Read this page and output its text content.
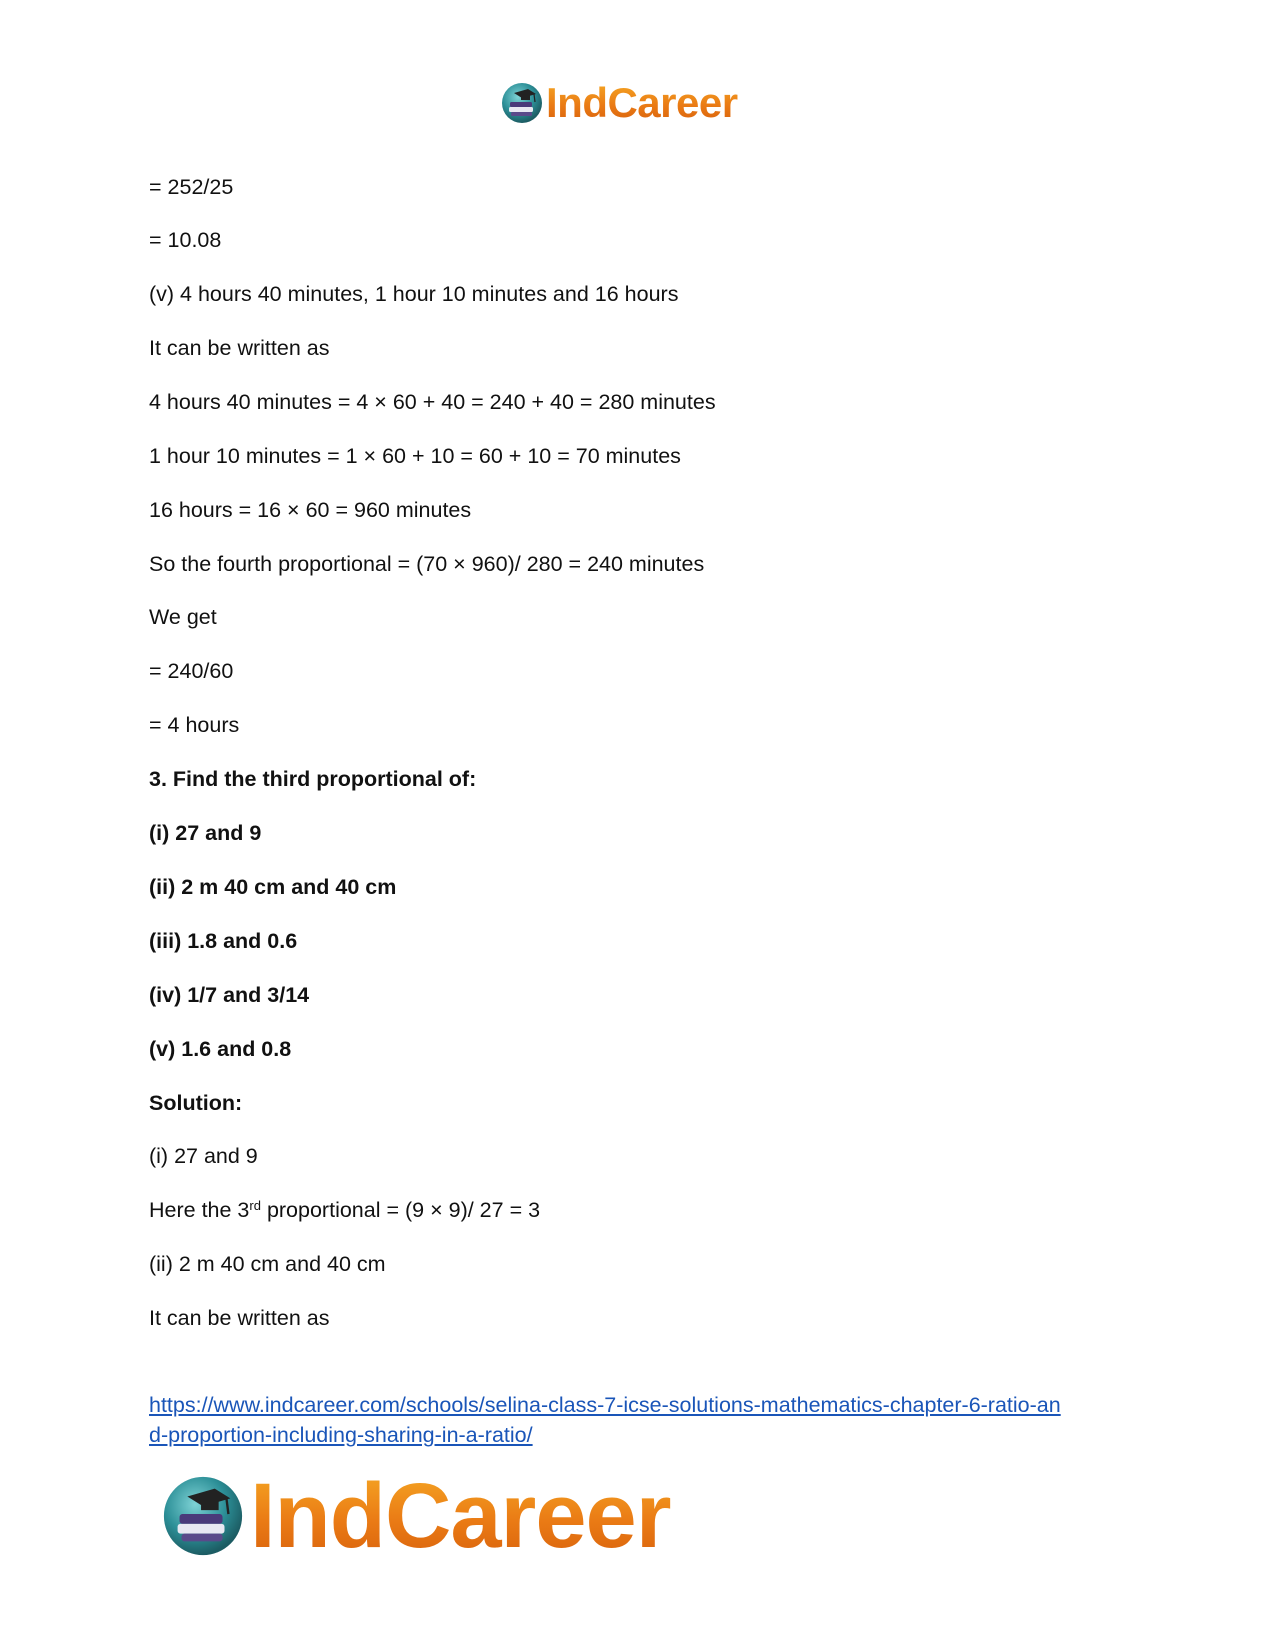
IndCareer
= 252/25
= 10.08
(v) 4 hours 40 minutes, 1 hour 10 minutes and 16 hours
It can be written as
4 hours 40 minutes = 4 × 60 + 40 = 240 + 40 = 280 minutes
1 hour 10 minutes = 1 × 60 + 10 = 60 + 10 = 70 minutes
16 hours = 16 × 60 = 960 minutes
So the fourth proportional = (70 × 960)/ 280 = 240 minutes
We get
= 240/60
= 4 hours
3. Find the third proportional of:
(i) 27 and 9
(ii) 2 m 40 cm and 40 cm
(iii) 1.8 and 0.6
(iv) 1/7 and 3/14
(v) 1.6 and 0.8
Solution:
(i) 27 and 9
Here the 3rd proportional = (9 × 9)/ 27 = 3
(ii) 2 m 40 cm and 40 cm
It can be written as
https://www.indcareer.com/schools/selina-class-7-icse-solutions-mathematics-chapter-6-ratio-an
d-proportion-including-sharing-in-a-ratio/
IndCareer
